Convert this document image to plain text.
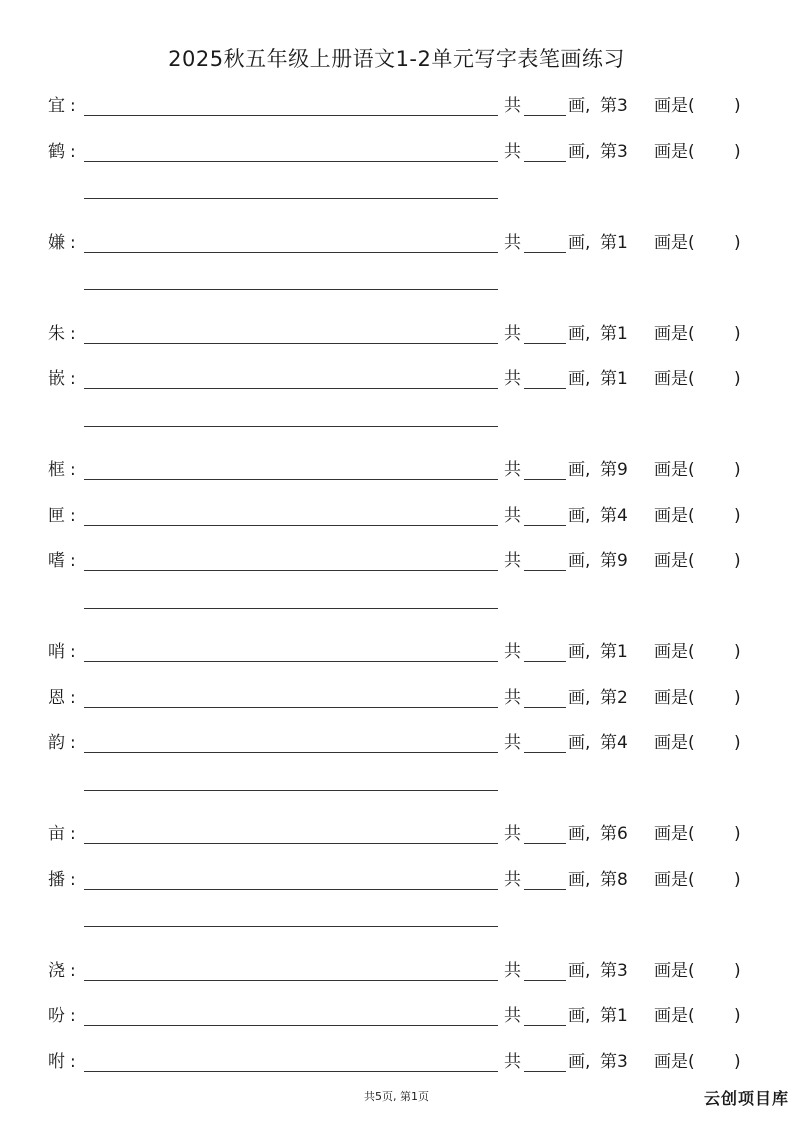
2025秋五年级上册语文1-2单元写字表笔画练习
宜 :	共	画, 第3 画是( )
鹤 :	共	画, 第3 画是( )
嫌 :	共	画, 第1 画是( )
朱 :	共	画, 第1 画是( )
嵌 :	共	画, 第1 画是( )
框 :	共	画, 第9 画是( )
匣 :	共	画, 第4 画是( )
嗜 :	共	画, 第9 画是( )
哨 :	共	画, 第1 画是( )
恩 :	共	画, 第2 画是( )
韵 :	共	画, 第4 画是( )
亩 :	共	画, 第6 画是( )
播 :	共	画, 第8 画是( )
浇 :	共	画, 第3 画是( )
吩 :	共	画, 第1 画是( )
咐 :	共	画, 第3 画是( )
共5页, 第1页	云创项目库
